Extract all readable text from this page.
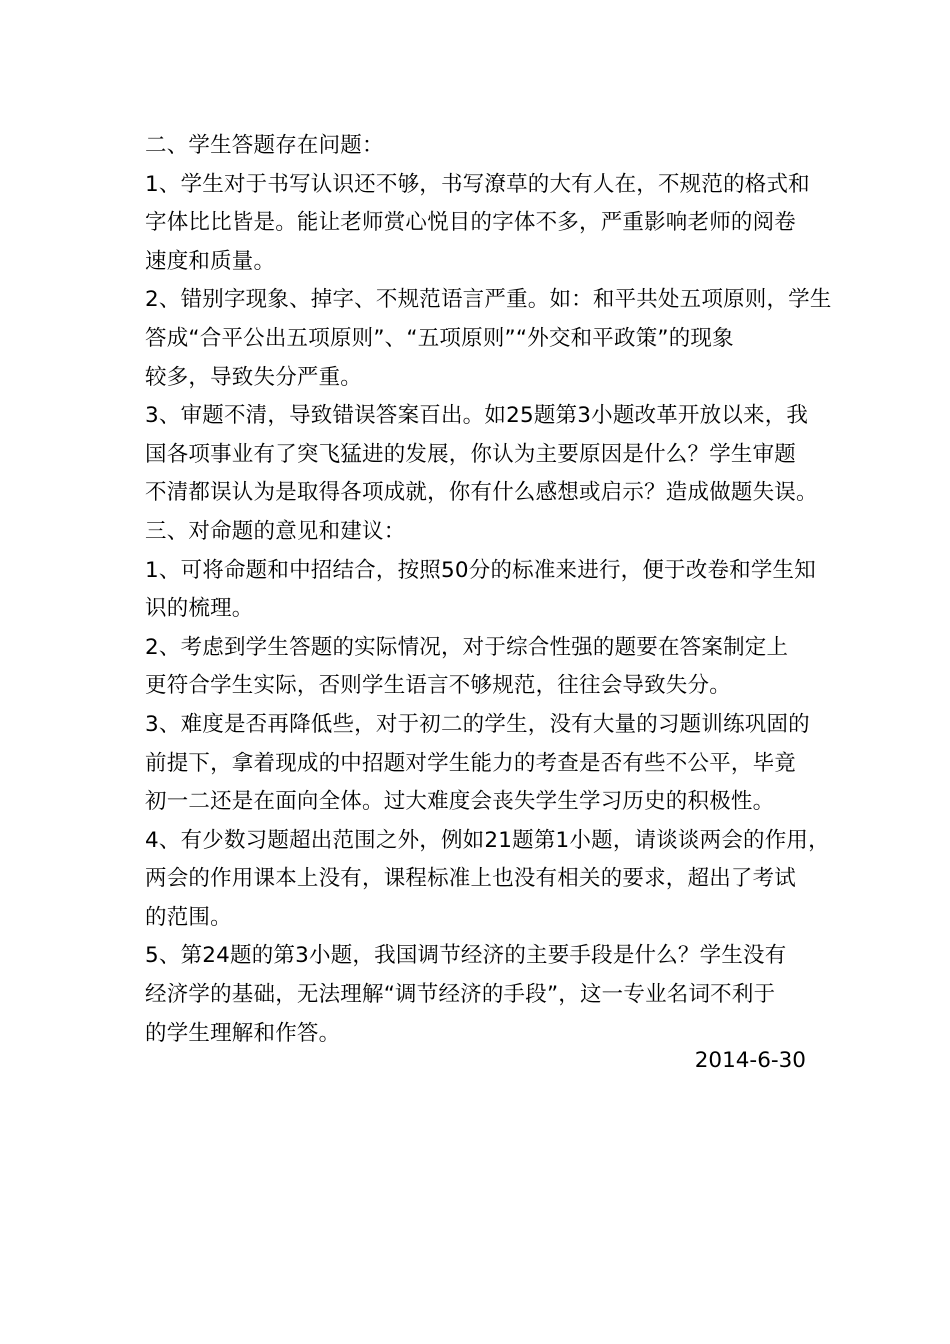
二、学生答题存在问题：

1、学生对于书写认识还不够，书写潦草的大有人在，不规范的格式和

字体比比皆是。能让老师赏心悦目的字体不多，严重影响老师的阅卷

速度和质量。

2、错别字现象、掉字、不规范语言严重。如：和平共处五项原则，学生

答成“合平公出五项原则”、“五项原则”“外交和平政策”的现象

较多，导致失分严重。

3、审题不清，导致错误答案百出。如25题第3小题改革开放以来，我

国各项事业有了突飞猛进的发展，你认为主要原因是什么？学生审题

不清都误认为是取得各项成就，你有什么感想或启示？造成做题失误。

三、对命题的意见和建议：

1、可将命题和中招结合，按照50分的标准来进行，便于改卷和学生知

识的梳理。

2、考虑到学生答题的实际情况，对于综合性强的题要在答案制定上

更符合学生实际，否则学生语言不够规范，往往会导致失分。

3、难度是否再降低些，对于初二的学生，没有大量的习题训练巩固的

前提下，拿着现成的中招题对学生能力的考查是否有些不公平，毕竟

初一二还是在面向全体。过大难度会丧失学生学习历史的积极性。

4、有少数习题超出范围之外，例如21题第1小题，请谈谈两会的作用，

两会的作用课本上没有，课程标准上也没有相关的要求，超出了考试

的范围。

5、第24题的第3小题，我国调节经济的主要手段是什么？学生没有

经济学的基础，无法理解“调节经济的手段”，这一专业名词不利于

的学生理解和作答。

2014-6-30
